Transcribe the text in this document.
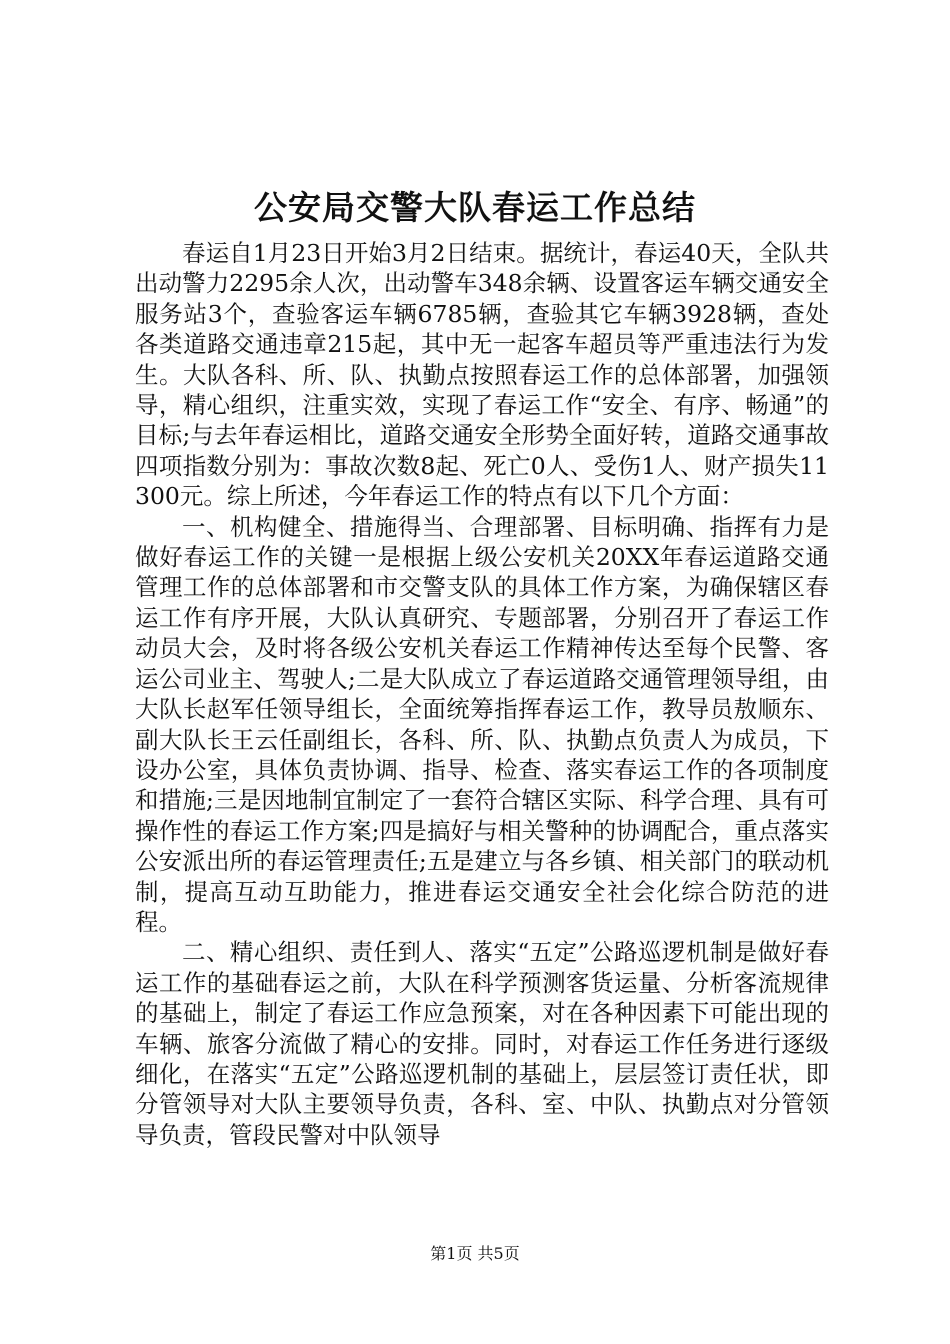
公安局交警大队春运工作总结

春运自1月23日开始3月2日结束。据统计，春运40天，全队共出动警力2295余人次，出动警车348余辆、设置客运车辆交通安全服务站3个，查验客运车辆6785辆，查验其它车辆3928辆，查处各类道路交通违章215起，其中无一起客车超员等严重违法行为发生。大队各科、所、队、执勤点按照春运工作的总体部署，加强领导，精心组织，注重实效，实现了春运工作“安全、有序、畅通”的目标;与去年春运相比，道路交通安全形势全面好转，道路交通事故四项指数分别为：事故次数8起、死亡0人、受伤1人、财产损失11300元。综上所述，今年春运工作的特点有以下几个方面：

一、机构健全、措施得当、合理部署、目标明确、指挥有力是做好春运工作的关键一是根据上级公安机关20XX年春运道路交通管理工作的总体部署和市交警支队的具体工作方案，为确保辖区春运工作有序开展，大队认真研究、专题部署，分别召开了春运工作动员大会，及时将各级公安机关春运工作精神传达至每个民警、客运公司业主、驾驶人;二是大队成立了春运道路交通管理领导组，由大队长赵军任领导组长，全面统筹指挥春运工作，教导员敖顺东、副大队长王云任副组长，各科、所、队、执勤点负责人为成员，下设办公室，具体负责协调、指导、检查、落实春运工作的各项制度和措施;三是因地制宜制定了一套符合辖区实际、科学合理、具有可操作性的春运工作方案;四是搞好与相关警种的协调配合，重点落实公安派出所的春运管理责任;五是建立与各乡镇、相关部门的联动机制，提高互动互助能力，推进春运交通安全社会化综合防范的进程。

二、精心组织、责任到人、落实“五定”公路巡逻机制是做好春运工作的基础春运之前，大队在科学预测客货运量、分析客流规律的基础上，制定了春运工作应急预案，对在各种因素下可能出现的车辆、旅客分流做了精心的安排。同时，对春运工作任务进行逐级细化，在落实“五定”公路巡逻机制的基础上，层层签订责任状，即分管领导对大队主要领导负责，各科、室、中队、执勤点对分管领导负责，管段民警对中队领导

第1页 共5页
